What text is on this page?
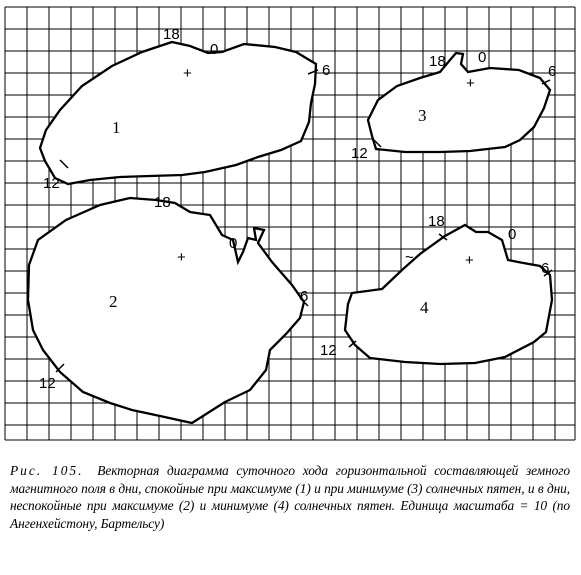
1
+
18
0
6
12
3
+
18 0
6
12
2
+
18
0
6
12
4
+
18
0
6
12
~
Рис. 105. Векторная диаграмма суточного хода горизонтальной составляющей земного магнитного поля в дни, спокойные при максимуме (1) и при минимуме (3) солнечных пятен, и в дни, неспокойные при максимуме (2) и минимуме (4) солнечных пятен. Единица масштаба = 10 (по Ангенхейстону, Бартельсу)
